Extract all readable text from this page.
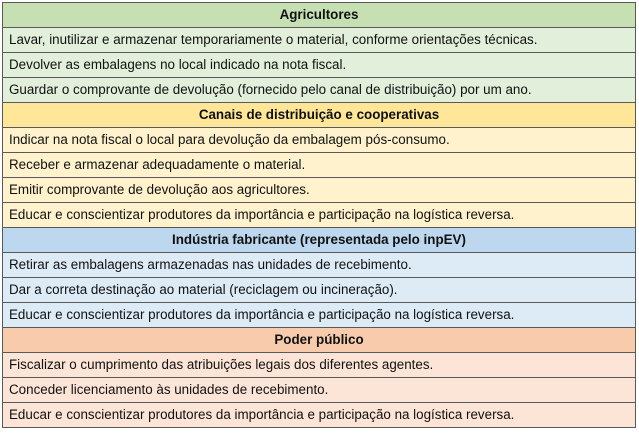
Agricultores
Lavar, inutilizar e armazenar temporariamente o material, conforme orientações técnicas.
Devolver as embalagens no local indicado na nota fiscal.
Guardar o comprovante de devolução (fornecido pelo canal de distribuição) por um ano.
Canais de distribuição e cooperativas
Indicar na nota fiscal o local para devolução da embalagem pós-consumo.
Receber e armazenar adequadamente o material.
Emitir comprovante de devolução aos agricultores.
Educar e conscientizar produtores da importância e participação na logística reversa.
Indústria fabricante (representada pelo inpEV)
Retirar as embalagens armazenadas nas unidades de recebimento.
Dar a correta destinação ao material (reciclagem ou incineração).
Educar e conscientizar produtores da importância e participação na logística reversa.
Poder público
Fiscalizar o cumprimento das atribuições legais dos diferentes agentes.
Conceder licenciamento às unidades de recebimento.
Educar e conscientizar produtores da importância e participação na logística reversa.
